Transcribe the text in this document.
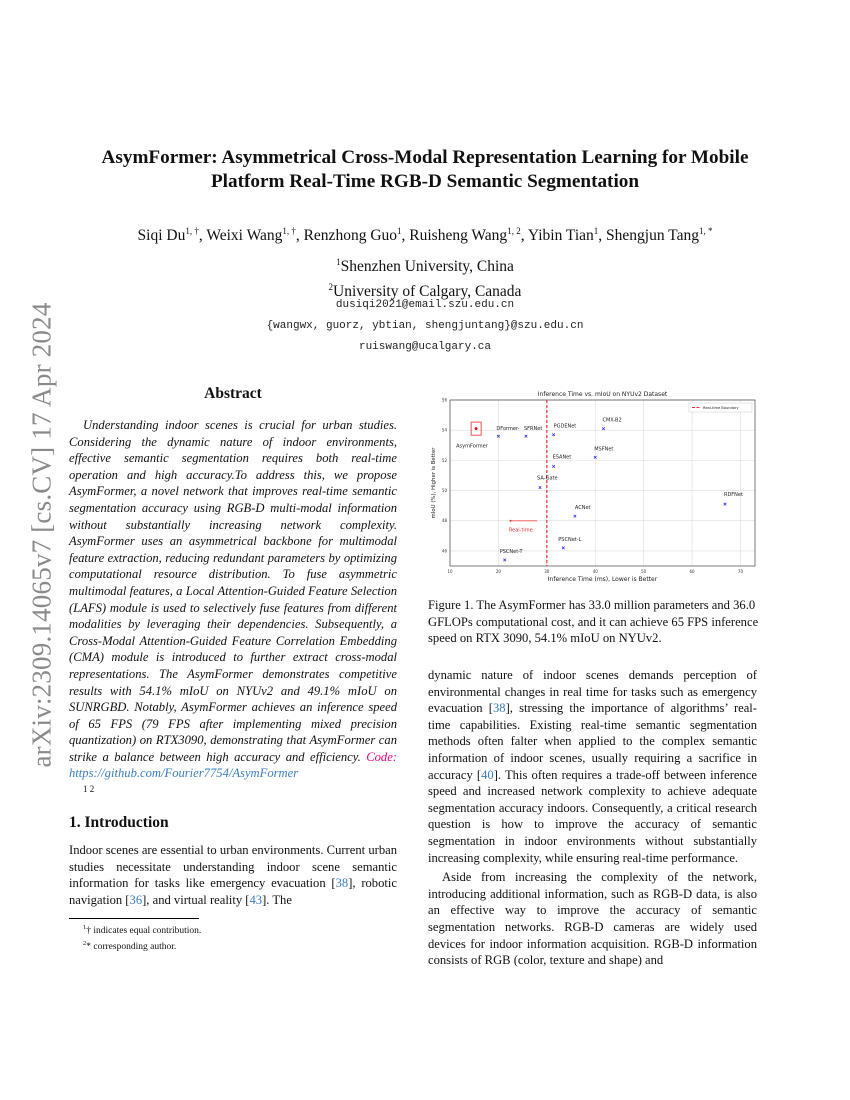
arXiv:2309.14065v7 [cs.CV] 17 Apr 2024
AsymFormer: Asymmetrical Cross-Modal Representation Learning for Mobile
Platform Real-Time RGB-D Semantic Segmentation
Siqi $Du^{1, \dagger}$, Weixi Wang$^{1, \dagger}$, Renzhong Guo$^1$, Ruisheng Wang$^{1, 2}$, Yibin Tian$^1$, Shengjun Tang$^{1, *}$
$^1$Shenzhen University, China
$^2$University of Calgary, Canada
dusiqi2021@email.szu.edu.cn
{wangwx, guorz, ybtian, shengjuntang}@szu.edu.cn
ruiswang@ucalgary.ca
Abstract

Understanding indoor scenes is crucial for urban studies. Considering the dynamic nature of indoor environments, effective semantic segmentation requires both real-time operation and high accuracy.To address this, we propose AsymFormer, a novel network that improves real-time semantic segmentation accuracy using RGB-D multi-modal information without substantially increasing network complexity. AsymFormer uses an asymmetrical backbone for multimodal feature extraction, reducing redundant parameters by optimizing computational resource distribution. To fuse asymmetric multimodal features, a Local Attention-Guided Feature Selection (LAFS) module is used to selectively fuse features from different modalities by leveraging their dependencies. Subsequently, a Cross-Modal Attention-Guided Feature Correlation Embedding (CMA) module is introduced to further extract cross-modal representations. The AsymFormer demonstrates competitive results with 54.1% mIoU on NYUv2 and 49.1% mIoU on SUNRGBD. Notably, AsymFormer achieves an inference speed of 65 FPS (79 FPS after implementing mixed precision quantization) on RTX3090, demonstrating that AsymFormer can strike a balance between high accuracy and efficiency. Code: https://github.com/Fourier7754/AsymFormer

1 2
1. Introduction

Indoor scenes are essential to urban environments. Current urban studies necessitate understanding indoor scene semantic information for tasks like emergency evacuation [38], robotic navigation [36], and virtual reality [43]. The

$^1$† indicates equal contribution.
$^2$* corresponding author.
10	20	30	40	50	60	70
46
48
50
52
54
56
Inference Time vs. mIoU on NYUv2 Dataset
Inference Time (ms), Lower is Better
mIoU (%), Higher is Better
Real-time Boundary
Real-time
AsymFormer
DFormer- SFRNet PGDENet
ESANet
SA-Gate
CMX-B2
MSFNet
ACNet
PSCNet-L
PSCNet-T
RDFNet
Figure 1. The AsymFormer has 33.0 million parameters and 36.0 GFLOPs computational cost, and it can achieve 65 FPS inference speed on RTX 3090, 54.1% mIoU on NYUv2.

dynamic nature of indoor scenes demands perception of environmental changes in real time for tasks such as emergency evacuation [38], stressing the importance of algorithms’ real-time capabilities. Existing real-time semantic segmentation methods often falter when applied to the complex semantic information of indoor scenes, usually requiring a sacrifice in accuracy [40]. This often requires a trade-off between inference speed and increased network complexity to achieve adequate segmentation accuracy indoors. Consequently, a critical research question is how to improve the accuracy of semantic segmentation in indoor environments without substantially increasing complexity, while ensuring real-time performance.

Aside from increasing the complexity of the network, introducing additional information, such as RGB-D data, is also an effective way to improve the accuracy of semantic segmentation networks. RGB-D cameras are widely used devices for indoor information acquisition. RGB-D information consists of RGB (color, texture and shape) and
